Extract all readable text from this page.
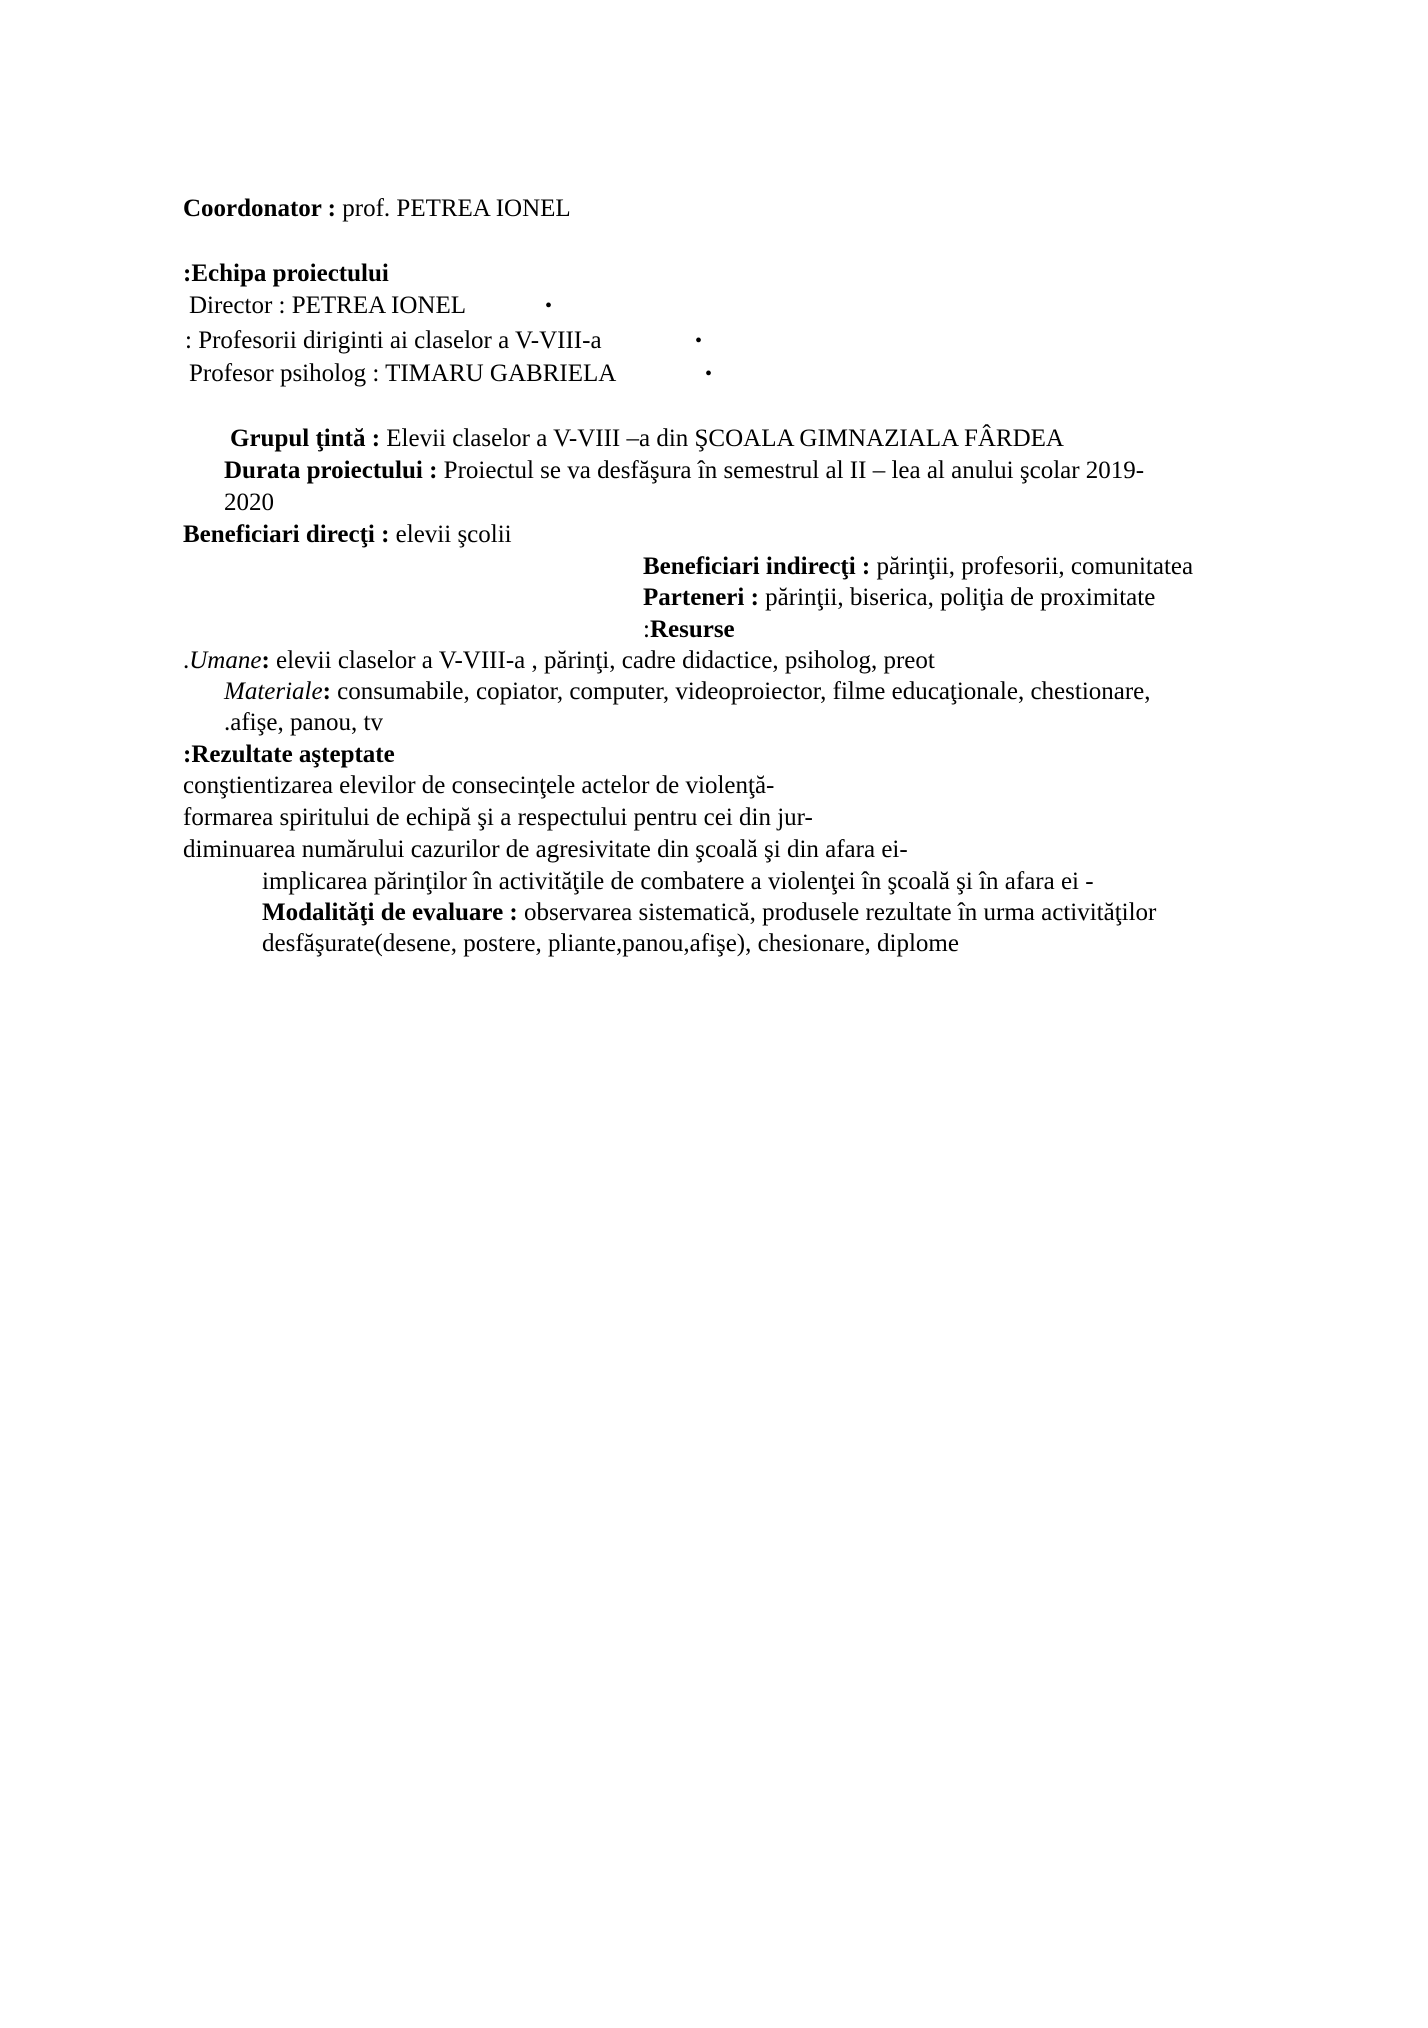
Coordonator : prof. PETREA IONEL
:Echipa proiectului
Director : PETREA IONEL	•
: Profesorii diriginti ai claselor a V-VIII-a	•
Profesor psiholog : TIMARU GABRIELA	•
Grupul ţintă : Elevii claselor a V-VIII –a din ŞCOALA GIMNAZIALA FÂRDEA
Durata proiectului : Proiectul se va desfăşura în semestrul al II – lea al anului şcolar 2019-
2020
Beneficiari direcţi : elevii şcolii
Beneficiari indirecţi : părinţii, profesorii, comunitatea
Parteneri : părinţii, biserica, poliţia de proximitate
:Resurse
.Umane: elevii claselor a V-VIII-a , părinţi, cadre didactice, psiholog, preot
Materiale: consumabile, copiator, computer, videoproiector, filme educaţionale, chestionare,
.afişe, panou, tv
:Rezultate aşteptate
conştientizarea elevilor de consecinţele actelor de violenţă-
formarea spiritului de echipă şi a respectului pentru cei din jur-
diminuarea numărului cazurilor de agresivitate din şcoală şi din afara ei-
implicarea părinţilor în activităţile de combatere a violenţei în şcoală şi în afara ei -
Modalităţi de evaluare : observarea sistematică, produsele rezultate în urma activităţilor
desfăşurate(desene, postere, pliante,panou,afişe), chesionare, diplome
